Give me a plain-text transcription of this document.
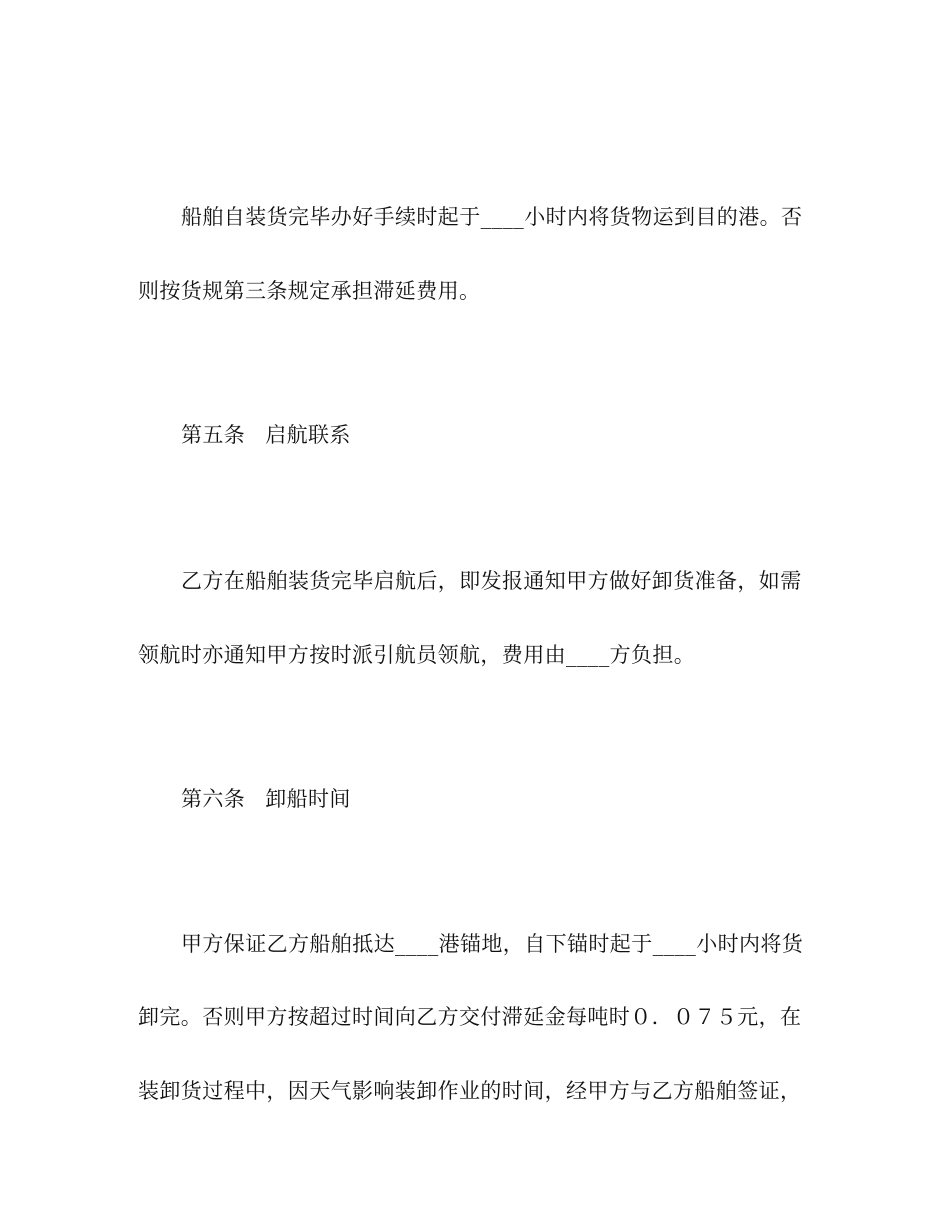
船舶自装货完毕办好手续时起于____小时内将货物运到目的港。否
则按货规第三条规定承担滞延费用。
第五条 启航联系
乙方在船舶装货完毕启航后，即发报通知甲方做好卸货准备，如需
领航时亦通知甲方按时派引航员领航，费用由____方负担。
第六条 卸船时间
甲方保证乙方船舶抵达____港锚地，自下锚时起于____小时内将货
卸完。否则甲方按超过时间向乙方交付滞延金每吨时０．０７５元，在
装卸货过程中，因天气影响装卸作业的时间，经甲方与乙方船舶签证，
